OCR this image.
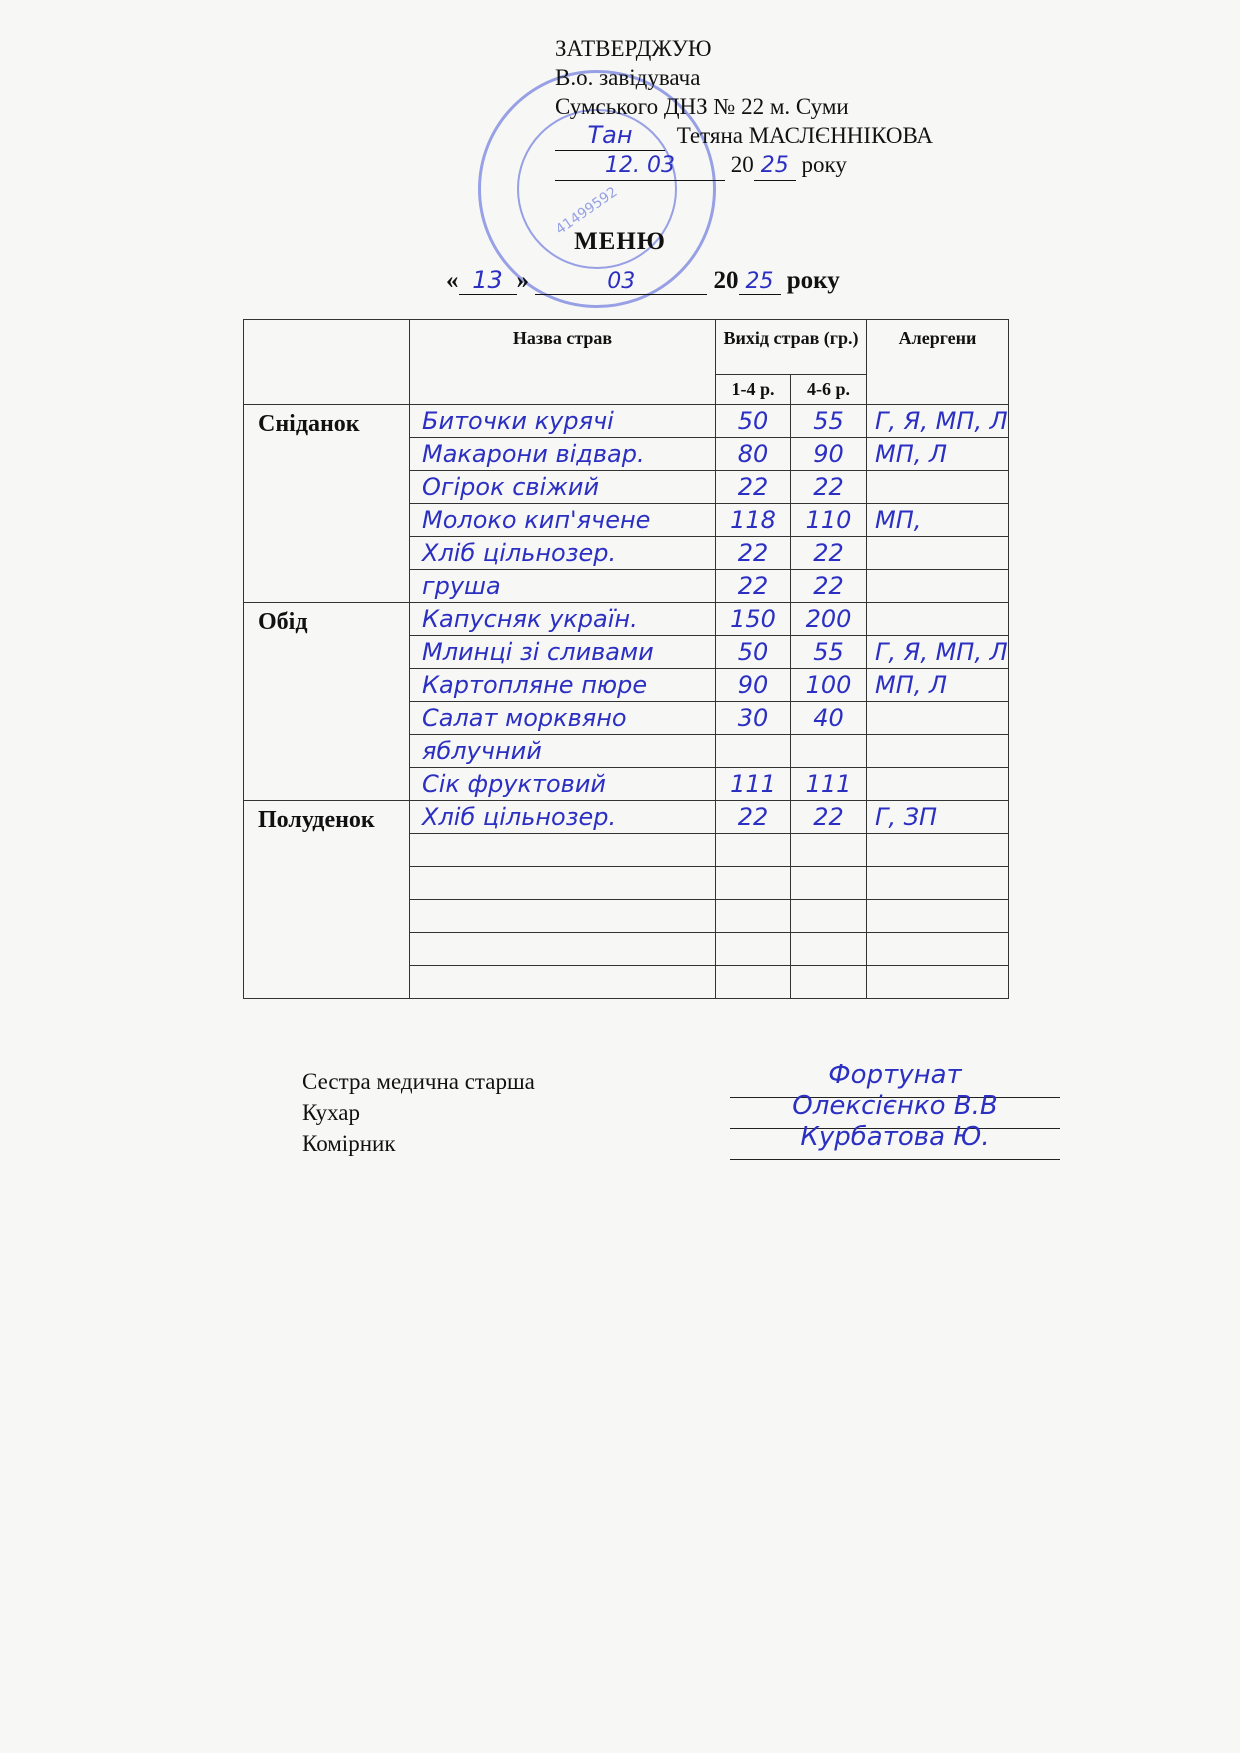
41499592
ЗАТВЕРДЖУЮ
В.о. завідувача
Сумського ДНЗ № 22 м. Суми
Тан Тетяна МАСЛЄННІКОВА
12. 03 20 25 року
МЕНЮ
« 13 »	03	20 25 року
	Назва страв	Вихід страв (гр.)		Алергени
		1-4 р.	4-6 р.	
Сніданок	Биточки курячі	50	55	Г, Я, МП, Л
	Макарони відвар.	80	90	МП, Л
	Огірок свіжий	22	22	
	Молоко кип'ячене	118	110	МП,
	Хліб цільнозер.	22	22	
	груша	22	22	
Обід	Капусняк україн.	150	200	
	Млинці зі сливами	50	55	Г, Я, МП, Л
	Картопляне пюре	90	100	МП, Л
	Салат морквяно	30	40	
	яблучний			
	Сік фруктовий	111	111	
Полуденок	Хліб цільнозер.	22	22	Г, ЗП

Сестра медична старша
Кухар
Комірник
Фортунат
Олексієнко В.В
Курбатова Ю.
